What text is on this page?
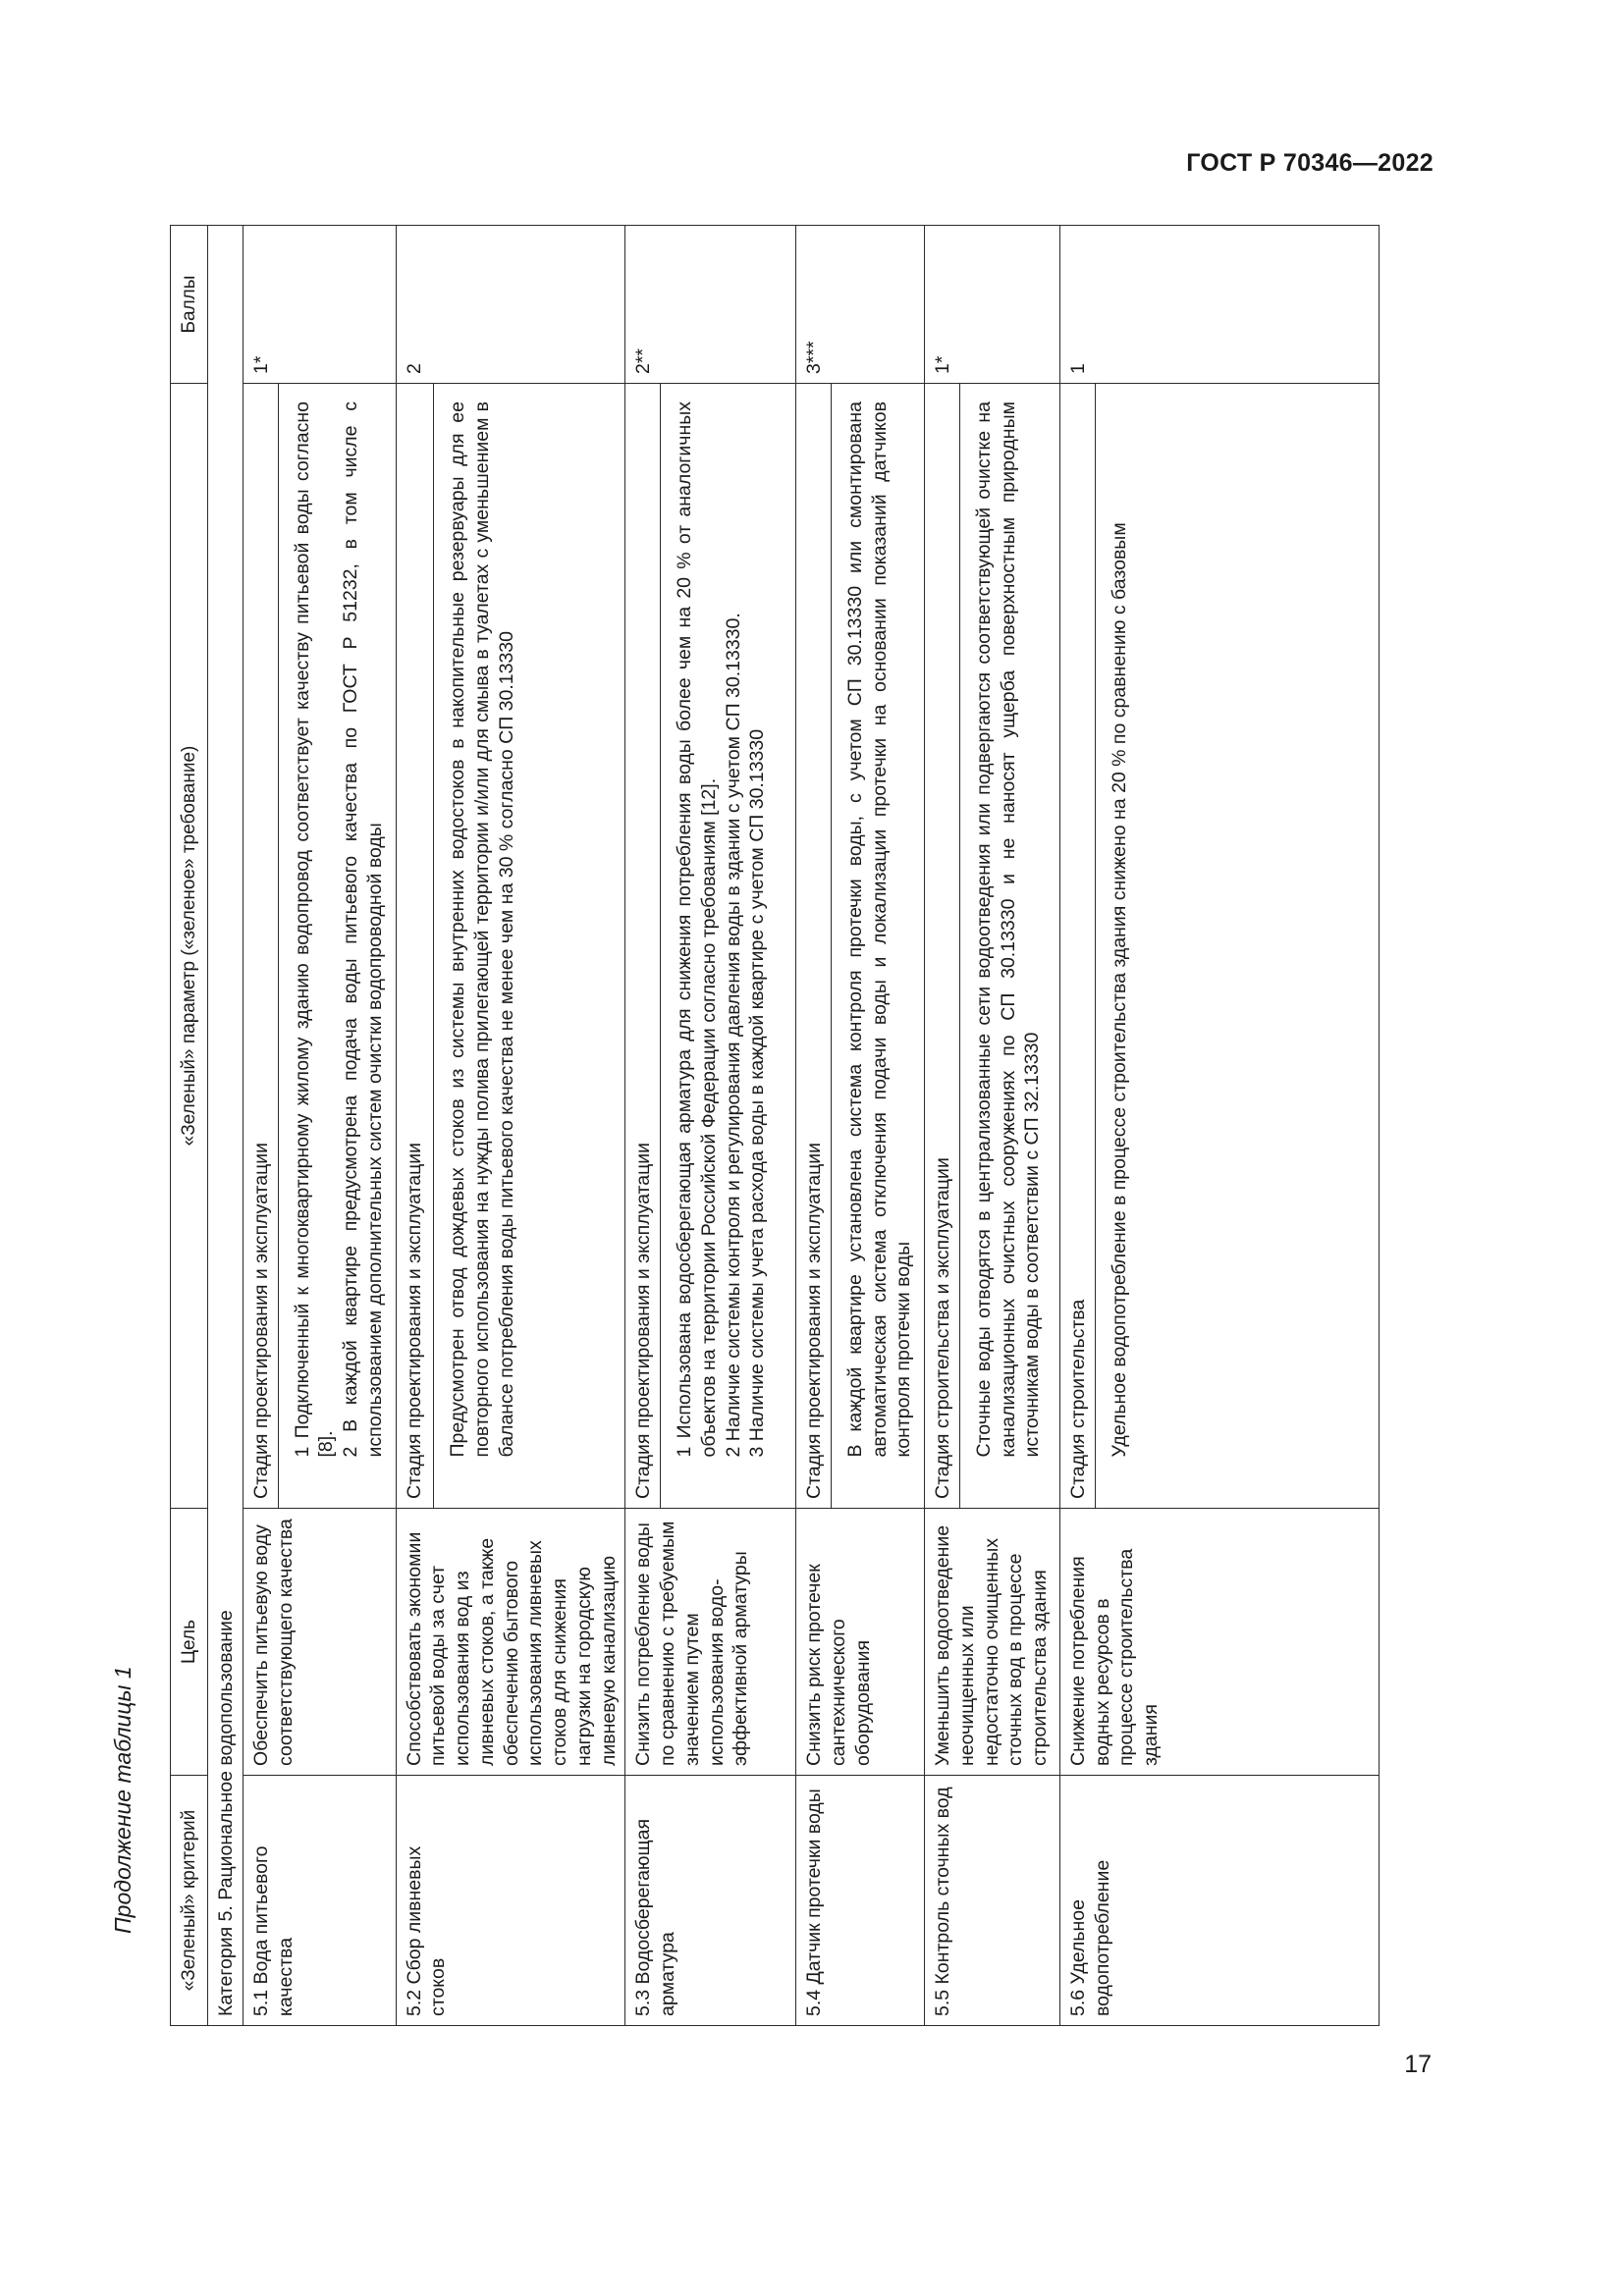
ГОСТ Р 70346—2022
Продолжение таблицы 1 «Зеленый» критерий	Цель	«Зеленый» параметр («зеленое» требование)		Баллы
Категория 5. Рациональное водопользование				
5.1 Вода питьевого качества	Обеспечить питьевую воду соответствующего качества	Стадия проектирования и эксплуатации		1*

			1 Подключенный к многоквартирному жилому зданию водопровод соответствует качеству питьевой воды согласно [8].
2 В каждой квартире предусмотрена подача воды питьевого качества по ГОСТ Р 51232, в том числе с использованием дополнительных систем очистки водопроводной воды	

5.2 Сбор ливневых стоков	Способствовать экономии питьевой воды за счет использования вод из ливневых стоков, а также обеспечению бытового использования ливневых стоков для снижения нагрузки на городскую ливневую канализацию	Стадия проектирования и эксплуатации		2

			Предусмотрен отвод дождевых стоков из системы внутренних водостоков в накопительные резервуары для ее повторного использования на нужды полива прилегающей территории и/или для смыва в туалетах с уменьшением в балансе потребления воды питьевого качества не менее чем на 30 % согласно СП 30.13330	

5.3 Водосберегающая арматура	Снизить потребление воды по сравнению с требуемым значением путем использования водоэффективной арматуры	Стадия проектирования и эксплуатации		2**

			1 Использована водосберегающая арматура для снижения потребления воды более чем на 20 % от аналогичных объектов на территории Российской Федерации согласно требованиям [12].
2 Наличие системы контроля и регулирования давления воды в здании с учетом СП 30.13330.
3 Наличие системы учета расхода воды в каждой квартире с учетом СП 30.13330	

5.4 Датчик протечки воды	Снизить риск протечек сантехнического оборудования	Стадия проектирования и эксплуатации		3***

			В каждой квартире установлена система контроля протечки воды, с учетом СП 30.13330 или смонтирована автоматическая система отключения подачи воды и локализации протечки на основании показаний датчиков контроля протечки воды	

5.5 Контроль сточных вод	Уменьшить водоотведение неочищенных или недостаточно очищенных сточных вод в процессе строительства здания	Стадия строительства и эксплуатации		1*

			Сточные воды отводятся в централизованные сети водоотведения или подвергаются соответствующей очистке на канализационных очистных сооружениях по СП 30.13330 и не наносят ущерба поверхностным природным источникам воды в соответствии с СП 32.13330	

5.6 Удельное водопотребление	Снижение потребления водных ресурсов в процессе строительства здания	Стадия строительства		1

			Удельное водопотребление в процессе строительства здания снижено на 20 % по сравнению с базовым	
17
